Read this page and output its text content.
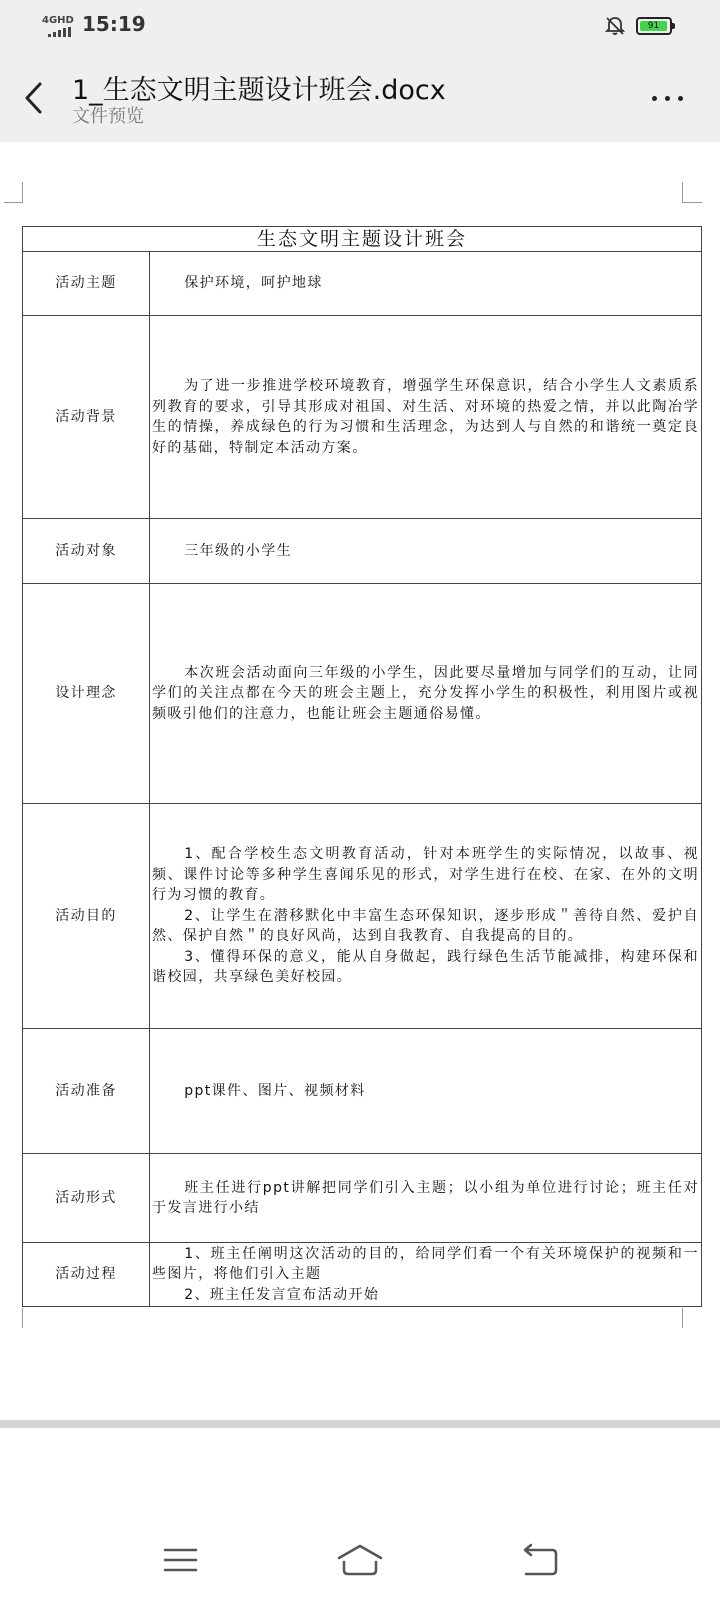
4GHD 15:19	91
1_生态文明主题设计班会.docx
文件预览
生态文明主题设计班会	
活动主题	保护环境，呵护地球

活动背景	为了进一步推进学校环境教育，增强学生环保意识，结合小学生人文素质系列教育的要求，引导其形成对祖国、对生活、对环境的热爱之情，并以此陶冶学生的情操，养成绿色的行为习惯和生活理念，为达到人与自然的和谐统一奠定良好的基础，特制定本活动方案。

活动对象	三年级的小学生

设计理念	本次班会活动面向三年级的小学生，因此要尽量增加与同学们的互动，让同学们的关注点都在今天的班会主题上，充分发挥小学生的积极性，利用图片或视频吸引他们的注意力，也能让班会主题通俗易懂。

活动目的	1、配合学校生态文明教育活动，针对本班学生的实际情况，以故事、视频、课件讨论等多种学生喜闻乐见的形式，对学生进行在校、在家、在外的文明行为习惯的教育。
2、让学生在潜移默化中丰富生态环保知识，逐步形成＂善待自然、爱护自然、保护自然＂的良好风尚，达到自我教育、自我提高的目的。
3、懂得环保的意义，能从自身做起，践行绿色生活节能减排，构建环保和谐校园，共享绿色美好校园。

活动准备	ppt课件、图片、视频材料

活动形式	班主任进行ppt讲解把同学们引入主题；以小组为单位进行讨论；班主任对于发言进行小结

活动过程	1、班主任阐明这次活动的目的，给同学们看一个有关环境保护的视频和一些图片，将他们引入主题
2、班主任发言宣布活动开始
